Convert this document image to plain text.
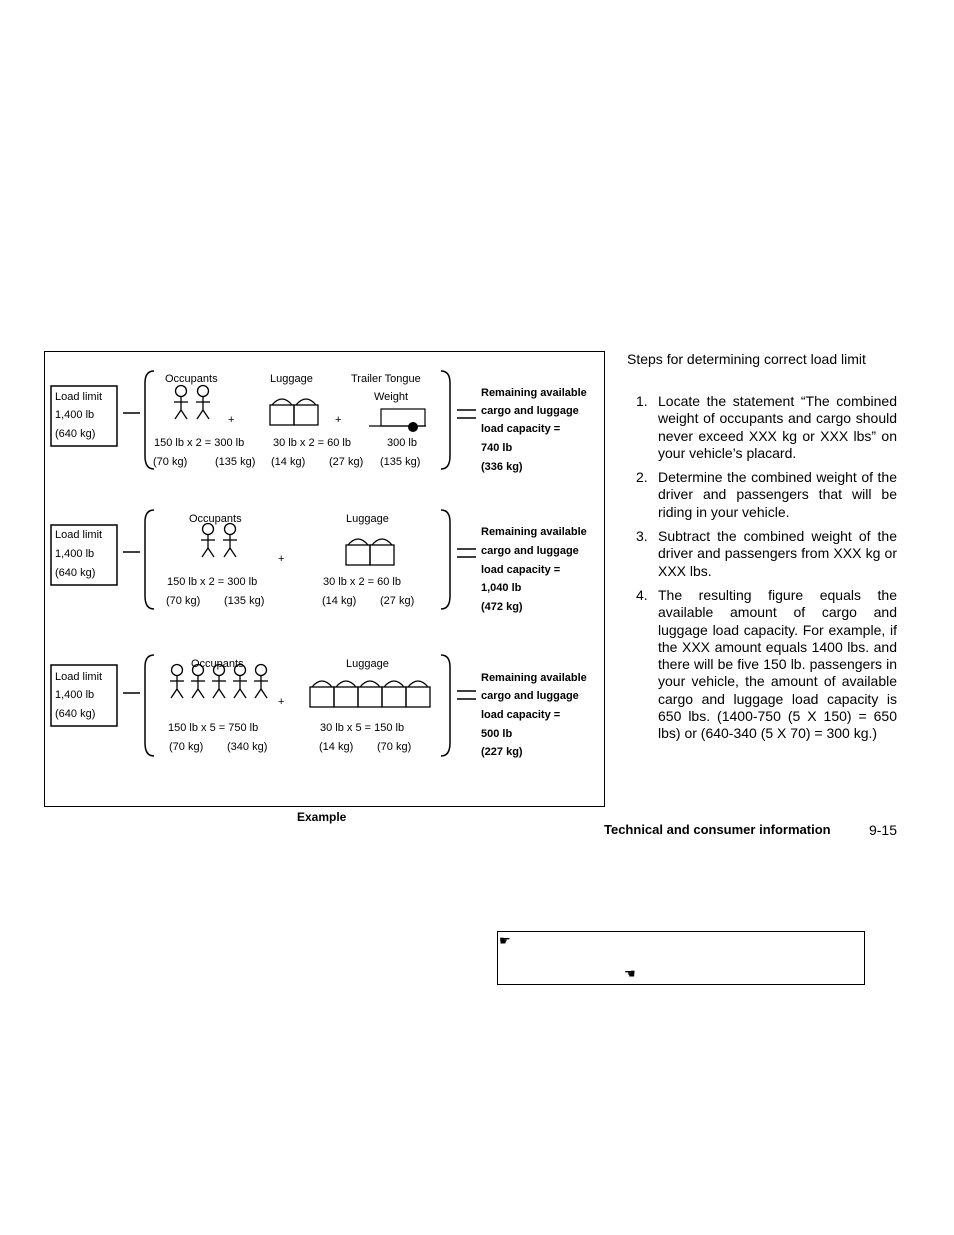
Load limit
1,400 lb
(640 kg)
Occupants
150 lb x 2 = 300 lb
(70 kg)	(135 kg)
+
Luggage
30 lb x 2 = 60 lb
(14 kg) (27 kg)
+
Trailer Tongue
Weight
300 lb
(135 kg)
Remaining available
cargo and luggage
load capacity =
740 lb
(336 kg)
Load limit
1,400 lb
(640 kg)
Occupants
150 lb x 2 = 300 lb
(70 kg) (135 kg)
+
Luggage
30 lb x 2 = 60 lb
(14 kg) (27 kg)
Remaining available
cargo and luggage
load capacity =
1,040 lb
(472 kg)
Load limit
1,400 lb
(640 kg)
Occupants
150 lb x 5 = 750 lb
(70 kg) (340 kg)
+
Luggage
30 lb x 5 = 150 lb
(14 kg) (70 kg)
Remaining available
cargo and luggage
load capacity =
500 lb
(227 kg)
Example
Steps for determining correct load limit
1. Locate the statement “The combined weight of occupants and cargo should never exceed XXX kg or XXX lbs” on your vehicle’s placard.
2. Determine the combined weight of the driver and passengers that will be riding in your vehicle.
3. Subtract the combined weight of the driver and passengers from XXX kg or XXX lbs.
4. The resulting figure equals the available amount of cargo and luggage load capacity. For example, if the XXX amount equals 1400 lbs. and there will be five 150 lb. passengers in your vehicle, the amount of available cargo and luggage load capacity is 650 lbs. (1400-750 (5 X 150) = 650 lbs) or (640-340 (5 X 70) = 300 kg.)
Technical and consumer information	9-15
☛
☚
